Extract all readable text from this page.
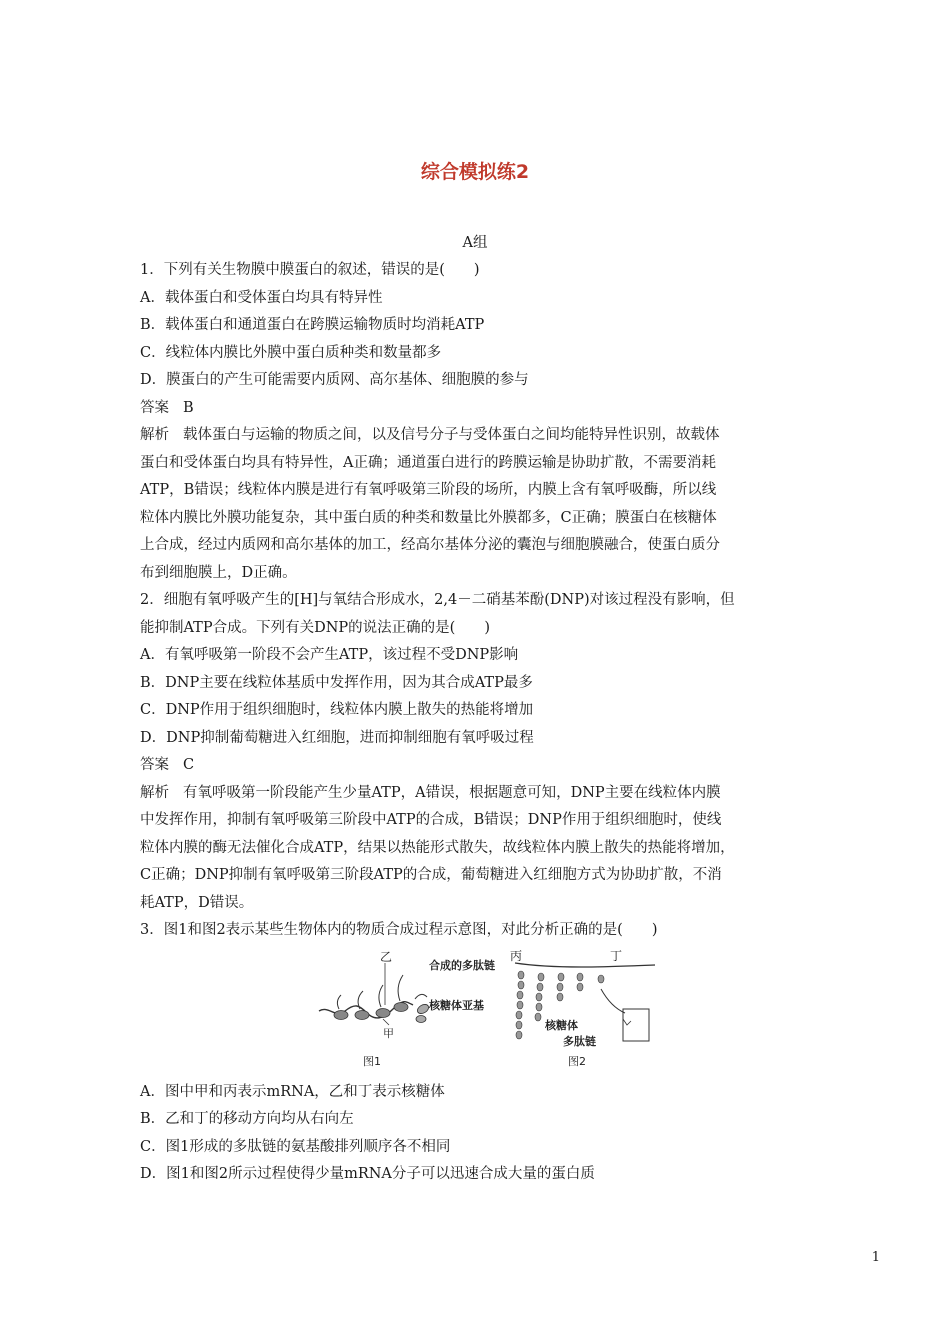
综合模拟练2
A组

1．下列有关生物膜中膜蛋白的叙述，错误的是(　　)

A．载体蛋白和受体蛋白均具有特异性

B．载体蛋白和通道蛋白在跨膜运输物质时均消耗ATP

C．线粒体内膜比外膜中蛋白质种类和数量都多

D．膜蛋白的产生可能需要内质网、高尔基体、细胞膜的参与

答案 B

解析 载体蛋白与运输的物质之间，以及信号分子与受体蛋白之间均能特异性识别，故载体

蛋白和受体蛋白均具有特异性，A正确；通道蛋白进行的跨膜运输是协助扩散，不需要消耗

ATP，B错误；线粒体内膜是进行有氧呼吸第三阶段的场所，内膜上含有氧呼吸酶，所以线

粒体内膜比外膜功能复杂，其中蛋白质的种类和数量比外膜都多，C正确；膜蛋白在核糖体

上合成，经过内质网和高尔基体的加工，经高尔基体分泌的囊泡与细胞膜融合，使蛋白质分

布到细胞膜上，D正确。

2．细胞有氧呼吸产生的[H]与氧结合形成水，2,4－二硝基苯酚(DNP)对该过程没有影响，但

能抑制ATP合成。下列有关DNP的说法正确的是(　　)

A．有氧呼吸第一阶段不会产生ATP，该过程不受DNP影响

B．DNP主要在线粒体基质中发挥作用，因为其合成ATP最多

C．DNP作用于组织细胞时，线粒体内膜上散失的热能将增加

D．DNP抑制葡萄糖进入红细胞，进而抑制细胞有氧呼吸过程

答案 C

解析 有氧呼吸第一阶段能产生少量ATP，A错误，根据题意可知，DNP主要在线粒体内膜

中发挥作用，抑制有氧呼吸第三阶段中ATP的合成，B错误；DNP作用于组织细胞时，使线

粒体内膜的酶无法催化合成ATP，结果以热能形式散失，故线粒体内膜上散失的热能将增加，

C正确；DNP抑制有氧呼吸第三阶段ATP的合成，葡萄糖进入红细胞方式为协助扩散，不消

耗ATP，D错误。

3．图1和图2表示某些生物体内的物质合成过程示意图，对此分析正确的是(　　)

乙
甲
合成的多肽链
核糖体亚基
图1
丙	丁
核糖体
多肽链
图2

A．图中甲和丙表示mRNA，乙和丁表示核糖体

B．乙和丁的移动方向均从右向左

C．图1形成的多肽链的氨基酸排列顺序各不相同

D．图1和图2所示过程使得少量mRNA分子可以迅速合成大量的蛋白质

1
